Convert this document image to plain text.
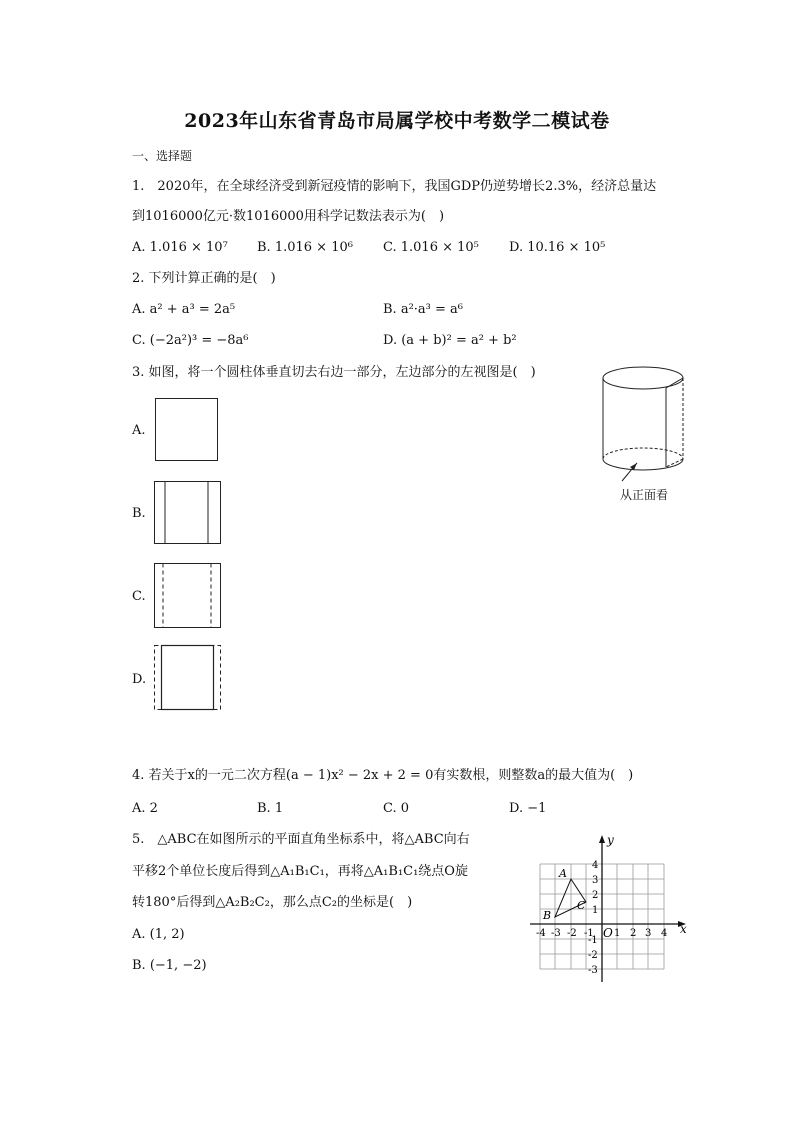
2023年山东省青岛市局属学校中考数学二模试卷
一、选择题
1.　2020年，在全球经济受到新冠疫情的影响下，我国GDP仍逆势增长2.3%，经济总量达
到1016000亿元·数1016000用科学记数法表示为(　)
A. 1.016 × 10⁷ B. 1.016 × 10⁶ C. 1.016 × 10⁵ D. 10.16 × 10⁵
2. 下列计算正确的是(　)
A. a² + a³ = 2a⁵	B. a²·a³ = a⁶
C. (−2a²)³ = −8a⁶	D. (a + b)² = a² + b²
3. 如图，将一个圆柱体垂直切去右边一部分，左边部分的左视图是(　)
从正面看
A.
B.
C.
D.
4. 若关于x的一元二次方程(a − 1)x² − 2x + 2 = 0有实数根，则整数a的最大值为(　)
A. 2	B. 1	C. 0	D. −1
5.　△ABC在如图所示的平面直角坐标系中，将△ABC向右
平移2个单位长度后得到△A₁B₁C₁，再将△A₁B₁C₁绕点O旋
转180°后得到△A₂B₂C₂，那么点C₂的坐标是(　)
A. (1, 2)
B. (−1, −2)
x
y
O
A
B
C
-4 -3 -2 -1 1 2 3 4
4
3
2
1
-1
-2
-3
